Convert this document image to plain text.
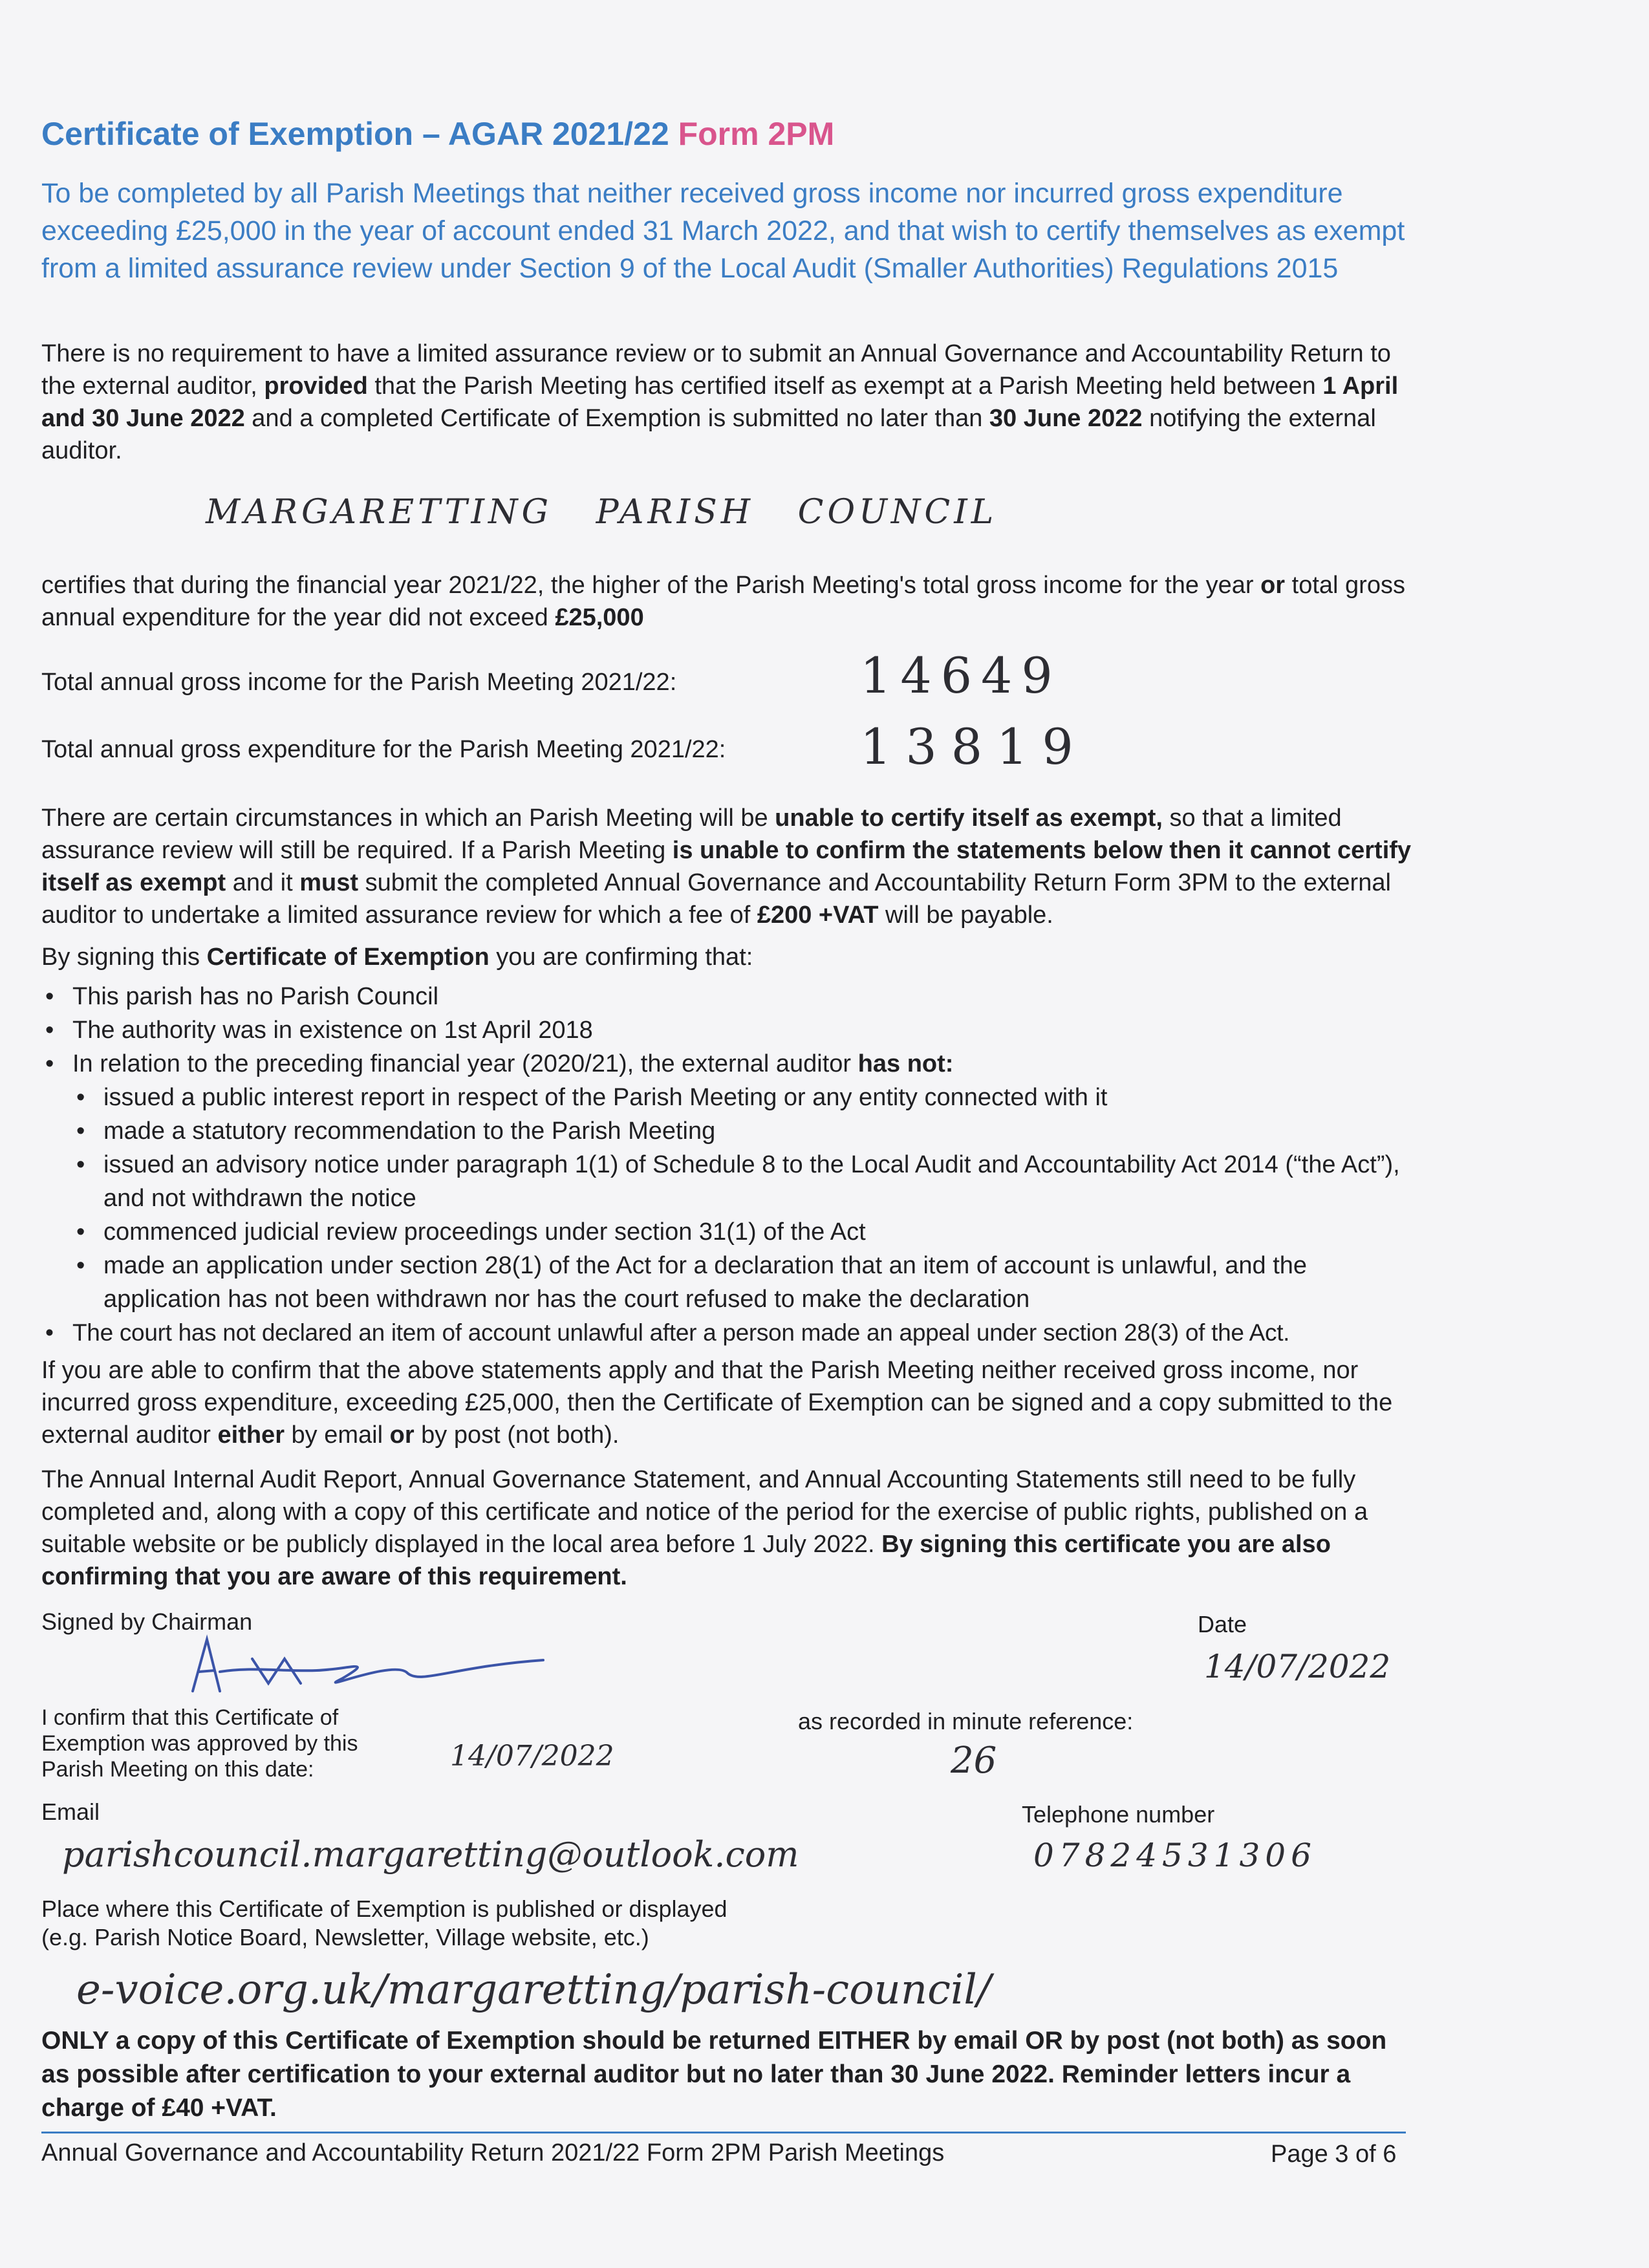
Certificate of Exemption – AGAR 2021/22 Form 2PM
To be completed by all Parish Meetings that neither received gross income nor incurred gross expenditure exceeding £25,000 in the year of account ended 31 March 2022, and that wish to certify themselves as exempt from a limited assurance review under Section 9 of the Local Audit (Smaller Authorities) Regulations 2015
There is no requirement to have a limited assurance review or to submit an Annual Governance and Accountability Return to the external auditor, provided that the Parish Meeting has certified itself as exempt at a Parish Meeting held between 1 April and 30 June 2022 and a completed Certificate of Exemption is submitted no later than 30 June 2022 notifying the external auditor.
MARGARETTING   PARISH   COUNCIL
certifies that during the financial year 2021/22, the higher of the Parish Meeting's total gross income for the year or total gross annual expenditure for the year did not exceed £25,000
Total annual gross income for the Parish Meeting 2021/22:	14649
Total annual gross expenditure for the Parish Meeting 2021/22:	13819
There are certain circumstances in which an Parish Meeting will be unable to certify itself as exempt, so that a limited assurance review will still be required. If a Parish Meeting is unable to confirm the statements below then it cannot certify itself as exempt and it must submit the completed Annual Governance and Accountability Return Form 3PM to the external auditor to undertake a limited assurance review for which a fee of £200 +VAT will be payable.
By signing this Certificate of Exemption you are confirming that:
• This parish has no Parish Council
• The authority was in existence on 1st April 2018
• In relation to the preceding financial year (2020/21), the external auditor has not:
• issued a public interest report in respect of the Parish Meeting or any entity connected with it
• made a statutory recommendation to the Parish Meeting
• issued an advisory notice under paragraph 1(1) of Schedule 8 to the Local Audit and Accountability Act 2014 (“the Act”), and not withdrawn the notice
• commenced judicial review proceedings under section 31(1) of the Act
• made an application under section 28(1) of the Act for a declaration that an item of account is unlawful, and the application has not been withdrawn nor has the court refused to make the declaration
• The court has not declared an item of account unlawful after a person made an appeal under section 28(3) of the Act.
If you are able to confirm that the above statements apply and that the Parish Meeting neither received gross income, nor incurred gross expenditure, exceeding £25,000, then the Certificate of Exemption can be signed and a copy submitted to the external auditor either by email or by post (not both).
The Annual Internal Audit Report, Annual Governance Statement, and Annual Accounting Statements still need to be fully completed and, along with a copy of this certificate and notice of the period for the exercise of public rights, published on a suitable website or be publicly displayed in the local area before 1 July 2022. By signing this certificate you are also confirming that you are aware of this requirement.
Signed by Chairman	Date
14/07/2022
I confirm that this Certificate of Exemption was approved by this Parish Meeting on this date:	14/07/2022
as recorded in minute reference:
26
Email
parishcouncil.margaretting@outlook.com
Telephone number
07824531306
Place where this Certificate of Exemption is published or displayed
(e.g. Parish Notice Board, Newsletter, Village website, etc.)
e-voice.org.uk/margaretting/parish-council/
ONLY a copy of this Certificate of Exemption should be returned EITHER by email OR by post (not both) as soon as possible after certification to your external auditor but no later than 30 June 2022. Reminder letters incur a charge of £40 +VAT.
Annual Governance and Accountability Return 2021/22 Form 2PM Parish Meetings	Page 3 of 6
